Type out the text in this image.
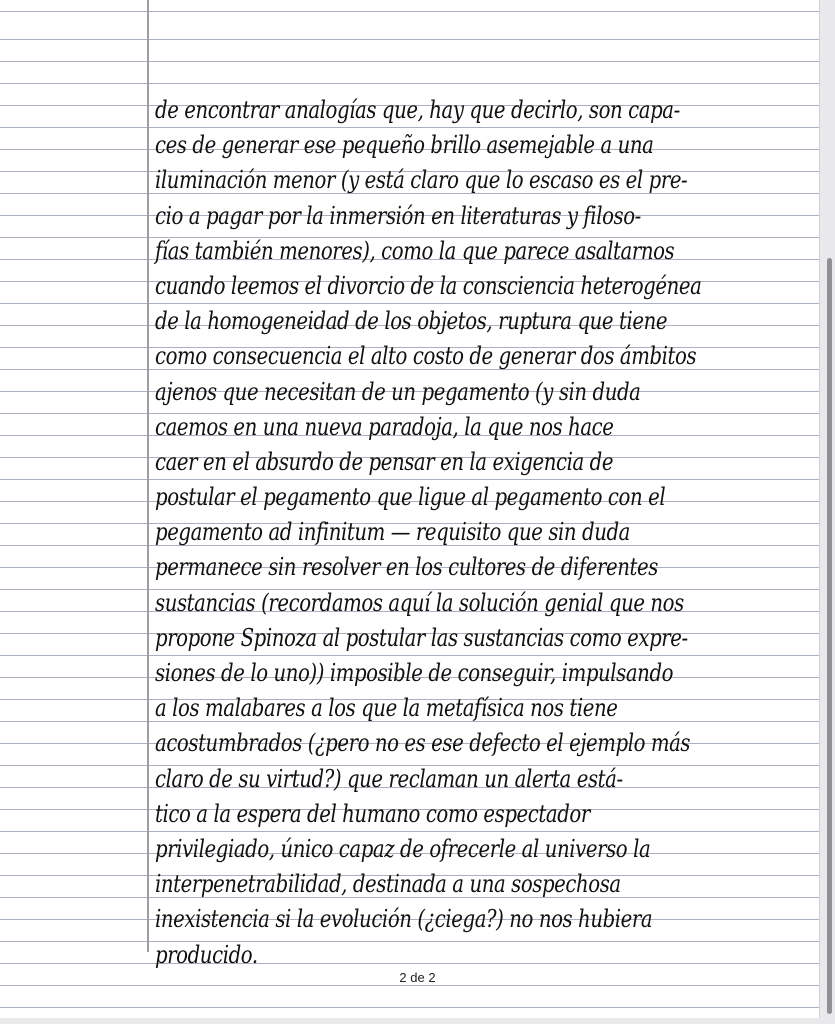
de encontrar analogías que, hay que decirlo, son capa-
ces de generar ese pequeño brillo asemejable a una
iluminación menor (y está claro que lo escaso es el pre-
cio a pagar por la inmersión en literaturas y filoso-
fías también menores), como la que parece asaltarnos
cuando leemos el divorcio de la consciencia heterogénea
de la homogeneidad de los objetos, ruptura que tiene
como consecuencia el alto costo de generar dos ámbitos
ajenos que necesitan de un pegamento (y sin duda
caemos en una nueva paradoja, la que nos hace
caer en el absurdo de pensar en la exigencia de
postular el pegamento que ligue al pegamento con el
pegamento ad infinitum — requisito que sin duda
permanece sin resolver en los cultores de diferentes
sustancias (recordamos aquí la solución genial que nos
propone Spinoza al postular las sustancias como expre-
siones de lo uno)) imposible de conseguir, impulsando
a los malabares a los que la metafísica nos tiene
acostumbrados (¿pero no es ese defecto el ejemplo más
claro de su virtud?) que reclaman un alerta está-
tico a la espera del humano como espectador
privilegiado, único capaz de ofrecerle al universo la
interpenetrabilidad, destinada a una sospechosa
inexistencia si la evolución (¿ciega?) no nos hubiera
producido.
2 de 2
